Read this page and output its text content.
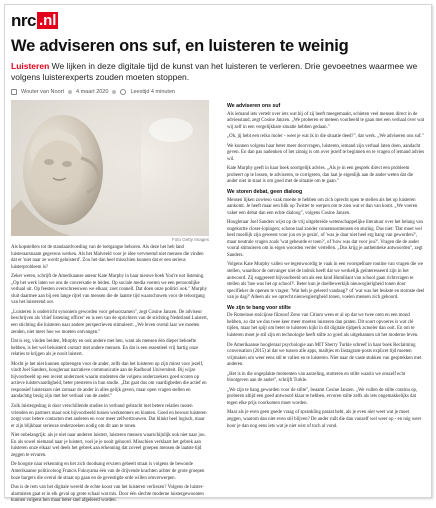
nrc .nl
We adviseren ons suf, en luisteren te weinig

Luisteren We lijken in deze digitale tijd de kunst van het luisteren te verleren. Drie gevoeetnes waarmee we volgens luisterexperts zouden moeten stoppen.

Wouter van Noort 4 maart 2020	Leestijd 4 minuten

Foto Getty Images

Als kopstellers tot de standaardvoeding van de toetgangse behoren. Als deze het heb land luisteraarsnaam gegevens werken. Als het Malveeld voor je idee vervreemd niet mensen die vinden dat er 'niet naar ze wordt geluisterd'. Zou het dan heel misschien kunnen dat er een serieus luisterprobleem is?

Zeker weten, schrijft de Amerikaanse auteur Kate Murphy in haar nieuwe boek You're not listening. „Op het werk laten we ons de conversatie te leiden. Op sociale media voeren we een persoonlijke verhaal uit. Op feesten overschreeuwen we elkaar, zoet connell. Dat doen onze politici ook." Murphy sluit daarmee aan bij een lange rijtel van mensen die de laatste tijd waarschuwen voor de teloorgang van het luisterend oor.

„Luisteren is onderricht synoniem geworden voor gehoorzamen", zegt Cosine Janzen. De adviseur beschrijven als 'chief listening officer' en is een van de oprichters van de stichting Nederland Luistert, een stichting die luisteren naar andere perspectieven stimuleert. „We leven overal laar we moeten zenden, niet meer hoe we moeten ontvangen."

Dat is erg, vinden beiden, Murphy en ook andere met hen, want als mensen één dieper behoefte hebben, is het wel beluisterd contact met andere mensen. En dat is een essentieel vrij hartig onze relaties te krijgen als je nooit luistert.

Mocht je het niet kunnen opbrengen voor de ander, zelfs dan het luisteren op zijn minst voor jezelf, vindt Joel Sanders, hoogleraar narratieve communicatie aan de Radboud Universiteit. Bij wijze bijvoorbeeld op een recent onderzoek waarin studenten die volgens onderzoekers goed scoren op actieve luistervaardigheid, beter presteren in hun studie. „Dat gaat dus om vaardigheden die actief en responsief luisteraars niet zomaar de ander in alles gelijk geven, maar open vragen stellen en aandachtig bezig zijn met het verhaal van de ander."

Zulk luistergedrag is door verschillende studies in verband gebracht met betere relaties tussen vrienden en partners maar ook bijvoorbeeld tussen werknemers en klanten. Goed en bewust luisteren zorgt voor betere contacten met anderen en voor meer zelfvertrouwen. Dat klinkt heel logisch, maar er zijn blijkbaar serieuze onderzoeken nodig om dit aan te tonen.

Niet onbelangrijk: als je niet naar anderen luistert, luisteren mensen waarschijnlijk ook niet naar jou. En als sowel niemand naar je luistert, voel je je nooit gehoord. Misschien verklaart het gebrek aan luisteren onze elkaar wel deels het gebrek aan erkenning dat zoveel groepen mensen de laatste tijd zeggen te ervaren.

De hoogste naar erkenning en het zich doodsang ervaren gebeelt straat is volgens de bewonde Amerikaanse politicoloog Francis Fukuyama één van de drijvende krachten achter de grote groepen boze burgers die overal de straat op gaan en de gevestigde orde willen omverwerpen.

Dus is de rem van het digitale wereld de echte koost van het luisteren verliezen? Volgens de luister-alarmisten gaat er in elk geval op grote schaal wat mis. Door één slechte moderne luistergewoonten kunnen volgens hen maar beter snel afgeleerd worden.

We adviseren ons suf

Als iemand iets vertelt over iets wat hij of zij heeft meegemaakt, schieten veel mensen direct in de adviesstand, zegt Cosine Janzen. „We proberen er meteen voorbeeld te gaan met een verhaal over wat wij zelf in een vergelijkbare situatie hebben gedaan."

„Oh, jij hebt een reiko moler - weet je wat ik in die situatie deed?", dat werk. „We adviseren ons suf."

We kunnen volgens haar beter meer doorvragen, luisteren, iemand zijn verhaal laten doen, aandacht geven. En dan pas nadenken of het zinnig is om over jezelf te beginnen en te vragen of iemand advies wil.

Kate Murphy geeft in haar boek soortgelijk advies. „Als je in een gesprek direct een probleem probeert op te lossen, te adviseren, te corrigeren, dan laat je eigenlijk aan de ander weten dat die ander niet in staat is om goed met de situatie om te gaan."

We storen debat, geen dialoog

Mensen lijken zowieso vaak moeite te hebben om zich oprecht open te stellen als het op luisteren aankomt. Je heeft maar een blik op Twitter te werpen om te zien wat er dan van komt. „We voeren vaker een debat dan een echte dialoog", volgens Cosine Janzen.

Hoogleraar Joel Sanders wijst op de vrij uitgebreide wetenschappelijke literatuur over het belang van ongekortte closer-lopingen; schone taal zonder consensusmensen en sturing. Dus niet: 'Dat moet wel heel moeilijk zijn geweest voor jou en je gezin', of 'was je daar niet heel erg bang van geworden?', maar neutrale vragen zoals 'wat gebeurde er toen?', of 'how was dat voor jou?'. Vragen die de ander vooral stimuleren om in eigen woorden verder vertellen. „Dus krijg je authentieke antwoorden", zegt Sanders.

Volgens Kate Murphy vallen we tegenwoordig te vaak in een voorspelbare routine van vragen die we stellen, waardoor de ontvanger niet de indruk heeft dat we werkelijk geïnteresseerd zijn in het antwoord. Zij suggereert bijvoorbeeld om als een kind Humiliant van school gaan richtvragen te stellen als 'hoe was het op school?'. Beter kun je doelbewerkijk nieuwsgierigheid tonen door specifieker de openen te vragen: 'Wat heb je geleerd vandaag?' of 'wat was het leukste en stomste deel van je dag?' Alleen als we oprecht nieuwsgierigheid tonen, voelen mensen zich gehoord.

We zijn te bang voor stilte

De Romeinse stoïcijnse filosoof Zeno van Citium wees er al op dat we twee oren en een mond hebben, zo dat we dus twee keer meer moeten luisteren dan praten. Dit soort opvoeres is wat clé tijden, maar het spijt om beter te luisteren kijkt in dit digitale tijdperk actueler dan ooit. En om te luisteren moet je stil zijn en technologie heeft stilte zo goed als uitgebannen uit het moderne leven.

De Amerikaanse hoogleraar psychologie aan MIT Sherry Turkle schreef in haar boek Reclaiming conversation (2015) al dat we tussen alle apps, mailtjes en Instagram-posts explicet tijd moeten vrijmaken om weer eens stil te vallen en te luisteren. Niet naar de vaste stukken van gesprekken met anderen.

„Het is in die ongeplakte momenten van aarzeling, stotteren en stilte waarin we onszelf echt blootgeven aan de ander", schrijft Turkle.

„We zijn te bang geworden voor de stilte", beaamt Cosine Janzen. „We vullen de stilte continu op, proberen altijd een goed antwoord klaar te hebben, ervoren stilte zelfs als iets ongemakkelijks dat tegen elke prijs voorkomen moet worden.

Maar als je even geen goede vraag of sprankling paraat hebt, als je even niet weet wat je moet zeggen, waarom dan niet even stil blijven? De ander ruilt die dan vanzelf wel weer op - en nóg weer hoor je dan nog eens iets wat je niet wist of toch al vond.
